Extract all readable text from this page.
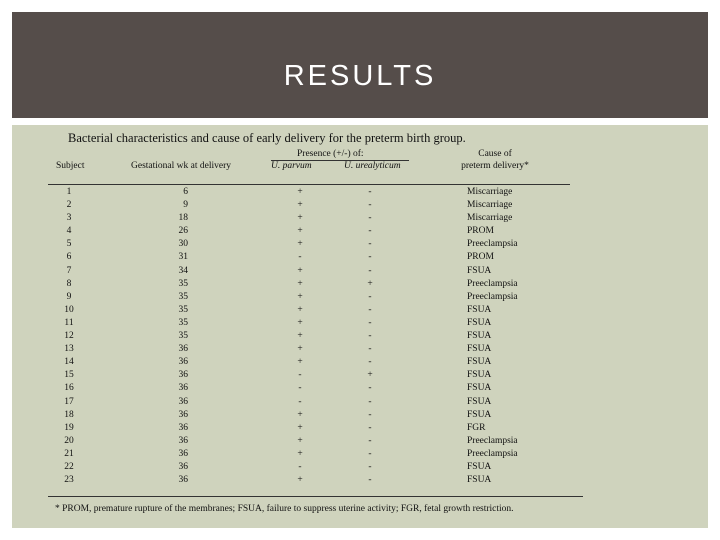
RESULTS
Bacterial characteristics and cause of early delivery for the preterm birth group.
Subject	Gestational wk at delivery
Presence (+/-) of:
U. parvum	U. urealyticum
Cause of
preterm delivery*
1	6	+	-	Miscarriage
2	9	+	-	Miscarriage
3	18	+	-	Miscarriage
4	26	+	-	PROM
5	30	+	-	Preeclampsia
6	31	-	-	PROM
7	34	+	-	FSUA
8	35	+	+	Preeclampsia
9	35	+	-	Preeclampsia
10	35	+	-	FSUA
11	35	+	-	FSUA
12	35	+	-	FSUA
13	36	+	-	FSUA
14	36	+	-	FSUA
15	36	-	+	FSUA
16	36	-	-	FSUA
17	36	-	-	FSUA
18	36	+	-	FSUA
19	36	+	-	FGR
20	36	+	-	Preeclampsia
21	36	+	-	Preeclampsia
22	36	-	-	FSUA
23	36	+	-	FSUA
* PROM, premature rupture of the membranes; FSUA, failure to suppress uterine activity; FGR, fetal growth restriction.
